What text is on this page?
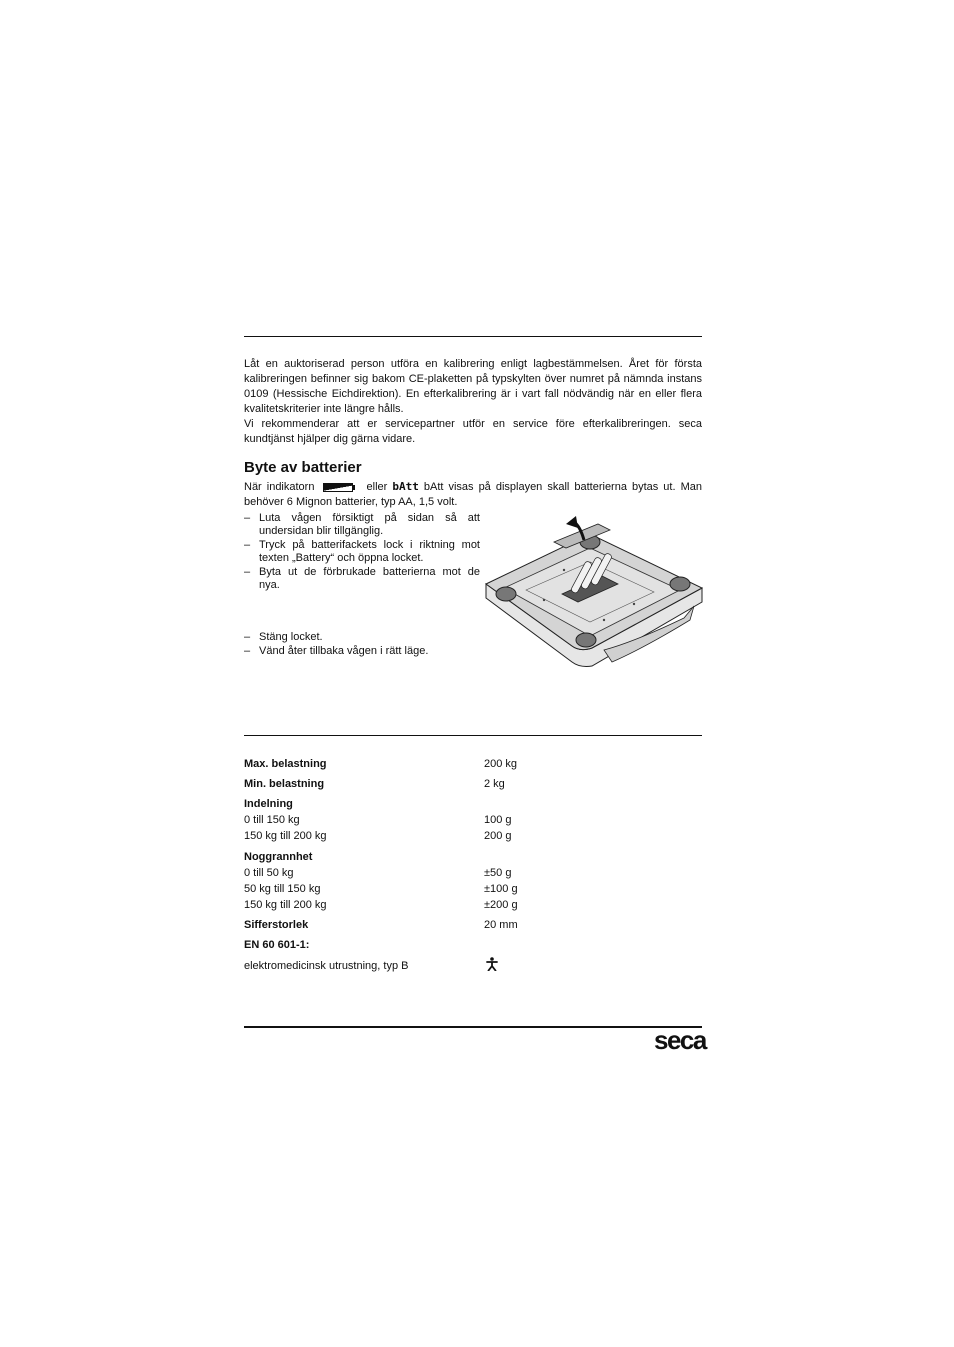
Låt en auktoriserad person utföra en kalibrering enligt lagbestämmelsen. Året för första kalibreringen befinner sig bakom CE-plaketten på typskylten över numret på nämnda instans 0109 (Hessische Eichdirektion). En efterkalibrering är i vart fall nödvändig när en eller flera kvalitetskriterier inte längre hålls.

Vi rekommenderar att er servicepartner utför en service före efterkalibreringen. seca kundtjänst hjälper dig gärna vidare.

Byte av batterier
När indikatorn	eller bAtt bAtt visas på displayen skall batterierna bytas ut. Man behöver 6 Mignon batterier, typ AA, 1,5 volt.
– Luta vågen försiktigt på sidan så att undersidan blir tillgänglig.
– Tryck på batterifackets lock i riktning mot texten „Battery“ och öppna locket.
– Byta ut de förbrukade batterierna mot de nya.
– Stäng locket.
– Vänd åter tillbaka vågen i rätt läge.
Max. belastning	200 kg
Min. belastning	2 kg
Indelning
0 till 150 kg	100 g
150 kg till 200 kg	200 g
Noggrannhet
0 till 50 kg	±50 g
50 kg till 150 kg	±100 g
150 kg till 200 kg	±200 g
Sifferstorlek	20 mm
EN 60 601-1:
elektromedicinsk utrustning, typ B
seca
